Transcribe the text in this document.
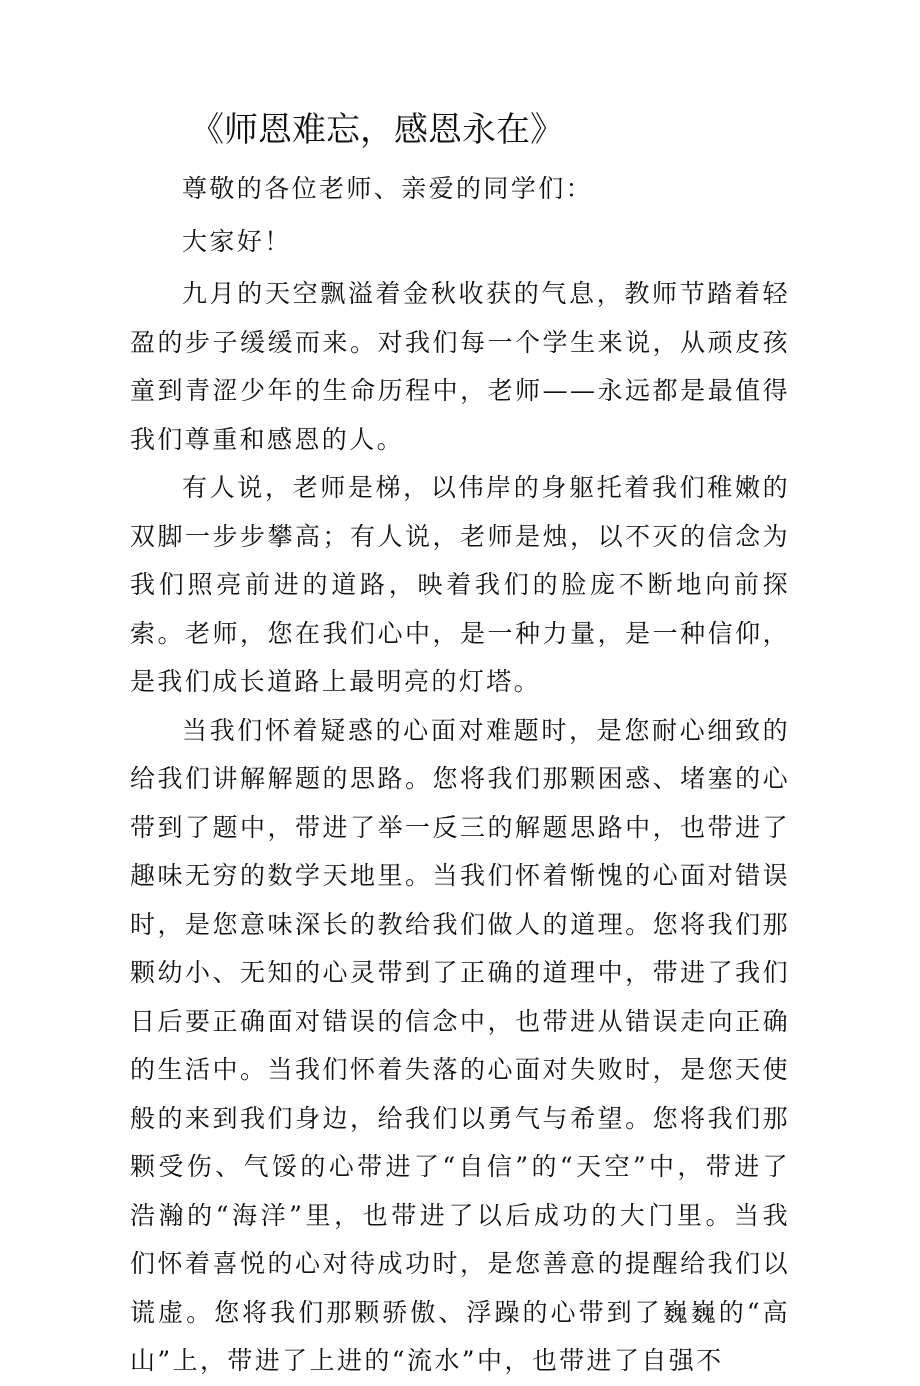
《师恩难忘，感恩永在》

尊敬的各位老师、亲爱的同学们：

大家好！

九月的天空飘溢着金秋收获的气息，教师节踏着轻盈的步子缓缓而来。对我们每一个学生来说，从顽皮孩童到青涩少年的生命历程中，老师——永远都是最值得我们尊重和感恩的人。

有人说，老师是梯，以伟岸的身躯托着我们稚嫩的双脚一步步攀高；有人说，老师是烛，以不灭的信念为我们照亮前进的道路，映着我们的脸庞不断地向前探索。老师，您在我们心中，是一种力量，是一种信仰，是我们成长道路上最明亮的灯塔。

当我们怀着疑惑的心面对难题时，是您耐心细致的给我们讲解解题的思路。您将我们那颗困惑、堵塞的心带到了题中，带进了举一反三的解题思路中，也带进了趣味无穷的数学天地里。当我们怀着惭愧的心面对错误时，是您意味深长的教给我们做人的道理。您将我们那颗幼小、无知的心灵带到了正确的道理中，带进了我们日后要正确面对错误的信念中，也带进从错误走向正确的生活中。当我们怀着失落的心面对失败时，是您天使般的来到我们身边，给我们以勇气与希望。您将我们那颗受伤、气馁的心带进了“自信”的“天空”中，带进了浩瀚的“海洋”里，也带进了以后成功的大门里。当我们怀着喜悦的心对待成功时，是您善意的提醒给我们以谎虚。您将我们那颗骄傲、浮躁的心带到了巍巍的“高山”上，带进了上进的“流水”中，也带进了自强不
